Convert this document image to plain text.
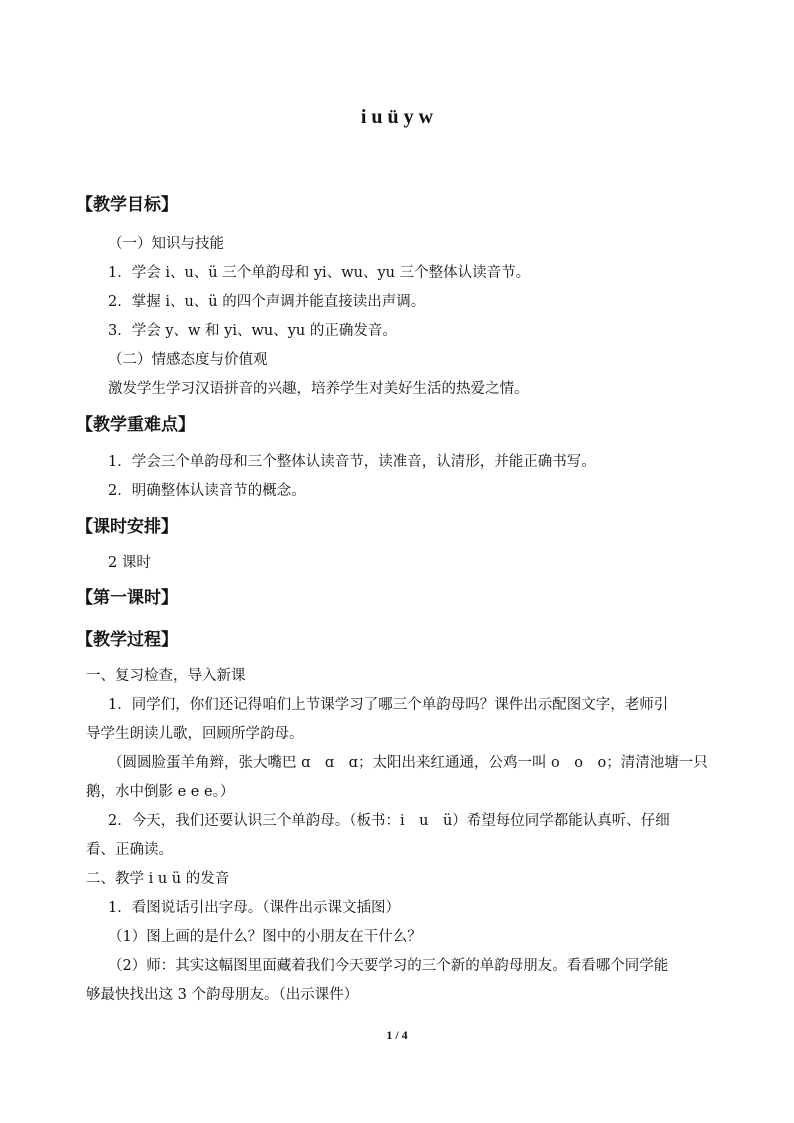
i u ü y w
【教学目标】
（一）知识与技能
1．学会 i、u、ü 三个单韵母和 yi、wu、yu 三个整体认读音节。
2．掌握 i、u、ü 的四个声调并能直接读出声调。
3．学会 y、w 和 yi、wu、yu 的正确发音。
（二）情感态度与价值观
激发学生学习汉语拼音的兴趣，培养学生对美好生活的热爱之情。
【教学重难点】
1．学会三个单韵母和三个整体认读音节，读准音，认清形，并能正确书写。
2．明确整体认读音节的概念。
【课时安排】
2 课时
【第一课时】
【教学过程】
一、复习检查，导入新课
1．同学们，你们还记得咱们上节课学习了哪三个单韵母吗？课件出示配图文字，老师引
导学生朗读儿歌，回顾所学韵母。
（圆圆脸蛋羊角辫，张大嘴巴 ɑ　ɑ　ɑ；太阳出来红通通，公鸡一叫 o　o　o；清清池塘一只
鹅，水中倒影 e e e。）
2．今天，我们还要认识三个单韵母。（板书：i　u　ü）希望每位同学都能认真听、仔细
看、正确读。
二、教学 i u ü 的发音
1．看图说话引出字母。（课件出示课文插图）
（1）图上画的是什么？图中的小朋友在干什么？
（2）师：其实这幅图里面藏着我们今天要学习的三个新的单韵母朋友。看看哪个同学能
够最快找出这 3 个韵母朋友。（出示课件）
1 / 4
